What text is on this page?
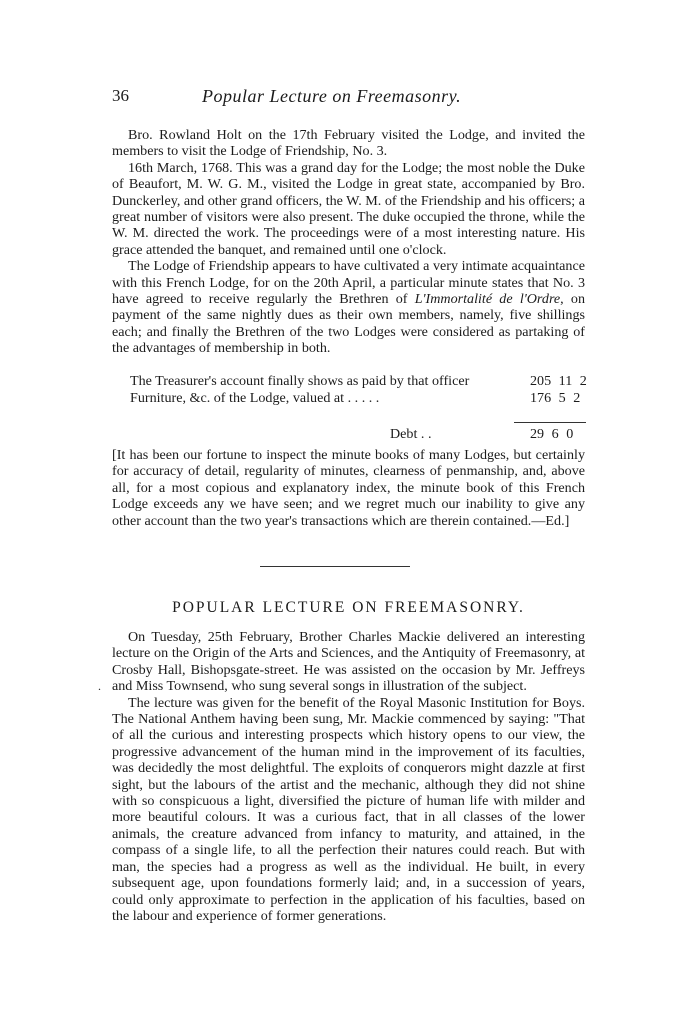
36	Popular Lecture on Freemasonry.

Bro. Rowland Holt on the 17th February visited the Lodge, and invited the members to visit the Lodge of Friendship, No. 3.

16th March, 1768. This was a grand day for the Lodge; the most noble the Duke of Beaufort, M. W. G. M., visited the Lodge in great state, accompanied by Bro. Dunckerley, and other grand officers, the W. M. of the Friendship and his officers; a great number of visitors were also present. The duke occupied the throne, while the W. M. directed the work. The proceedings were of a most interesting nature. His grace attended the banquet, and remained until one o'clock.

The Lodge of Friendship appears to have cultivated a very intimate acquaintance with this French Lodge, for on the 20th April, a particular minute states that No. 3 have agreed to receive regularly the Brethren of L'Immortalité de l'Ordre, on payment of the same nightly dues as their own members, namely, five shillings each; and finally the Brethren of the two Lodges were considered as partaking of the advantages of membership in both.

The Treasurer's account finally shows as paid by that officer	205 11 2
Furniture, &c. of the Lodge, valued at . . . . .	176 5 2
Debt . .	29 6 0

[It has been our fortune to inspect the minute books of many Lodges, but certainly for accuracy of detail, regularity of minutes, clearness of penmanship, and, above all, for a most copious and explanatory index, the minute book of this French Lodge exceeds any we have seen; and we regret much our inability to give any other account than the two year's transactions which are therein contained.—Ed.]

POPULAR LECTURE ON FREEMASONRY.
.

On Tuesday, 25th February, Brother Charles Mackie delivered an interesting lecture on the Origin of the Arts and Sciences, and the Antiquity of Freemasonry, at Crosby Hall, Bishopsgate-street. He was assisted on the occasion by Mr. Jeffreys and Miss Townsend, who sung several songs in illustration of the subject.

The lecture was given for the benefit of the Royal Masonic Institution for Boys. The National Anthem having been sung, Mr. Mackie commenced by saying: "That of all the curious and interesting prospects which history opens to our view, the progressive advancement of the human mind in the improvement of its faculties, was decidedly the most delightful. The exploits of conquerors might dazzle at first sight, but the labours of the artist and the mechanic, although they did not shine with so conspicuous a light, diversified the picture of human life with milder and more beautiful colours. It was a curious fact, that in all classes of the lower animals, the creature advanced from infancy to maturity, and attained, in the compass of a single life, to all the perfection their natures could reach. But with man, the species had a progress as well as the individual. He built, in every subsequent age, upon foundations formerly laid; and, in a succession of years, could only approximate to perfection in the application of his faculties, based on the labour and experience of former generations.
